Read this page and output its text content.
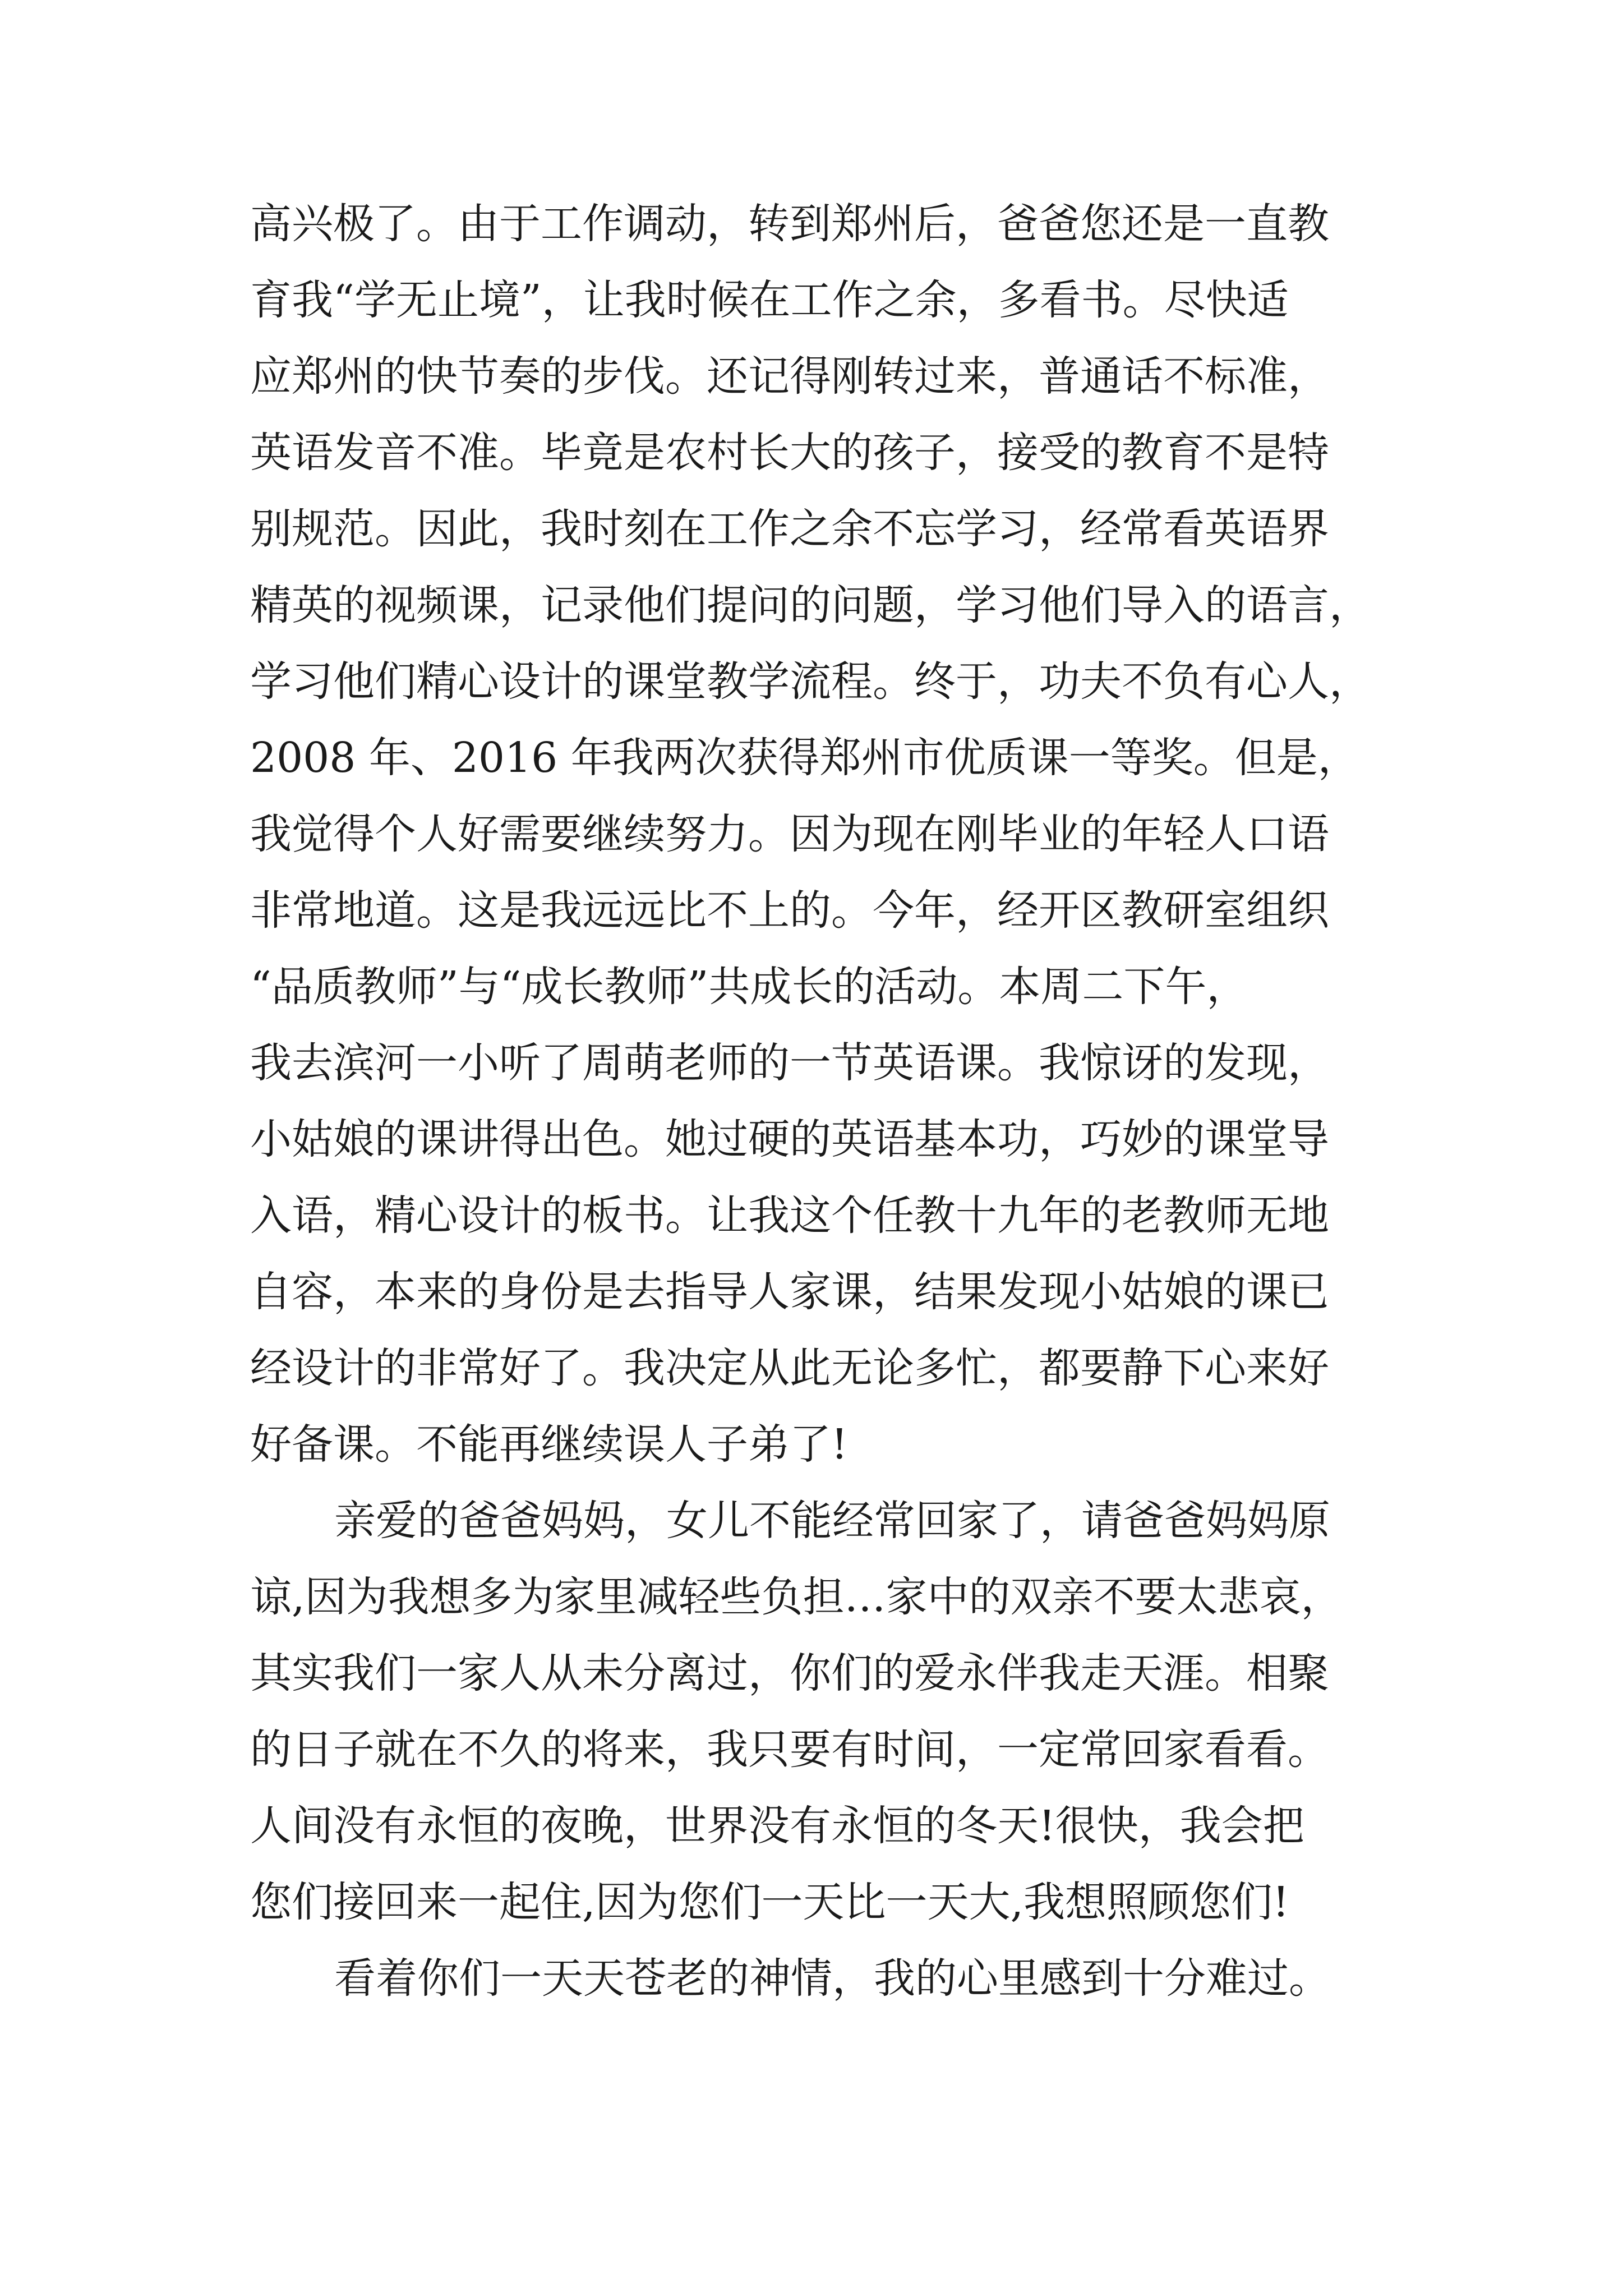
高兴极了。由于工作调动，转到郑州后，爸爸您还是一直教
育我“学无止境”，让我时候在工作之余，多看书。尽快适
应郑州的快节奏的步伐。还记得刚转过来，普通话不标准，
英语发音不准。毕竟是农村长大的孩子，接受的教育不是特
别规范。因此，我时刻在工作之余不忘学习，经常看英语界
精英的视频课，记录他们提问的问题，学习他们导入的语言，
学习他们精心设计的课堂教学流程。终于，功夫不负有心人，
2008 年、2016 年我两次获得郑州市优质课一等奖。但是，
我觉得个人好需要继续努力。因为现在刚毕业的年轻人口语
非常地道。这是我远远比不上的。今年，经开区教研室组织
“品质教师”与“成长教师”共成长的活动。本周二下午，
我去滨河一小听了周萌老师的一节英语课。我惊讶的发现，
小姑娘的课讲得出色。她过硬的英语基本功，巧妙的课堂导
入语，精心设计的板书。让我这个任教十九年的老教师无地
自容，本来的身份是去指导人家课，结果发现小姑娘的课已
经设计的非常好了。我决定从此无论多忙，都要静下心来好
好备课。不能再继续误人子弟了!
亲爱的爸爸妈妈，女儿不能经常回家了，请爸爸妈妈原
谅,因为我想多为家里减轻些负担…家中的双亲不要太悲哀，
其实我们一家人从未分离过，你们的爱永伴我走天涯。相聚
的日子就在不久的将来，我只要有时间，一定常回家看看。
人间没有永恒的夜晚，世界没有永恒的冬天!很快，我会把
您们接回来一起住,因为您们一天比一天大,我想照顾您们!
看着你们一天天苍老的神情，我的心里感到十分难过。
